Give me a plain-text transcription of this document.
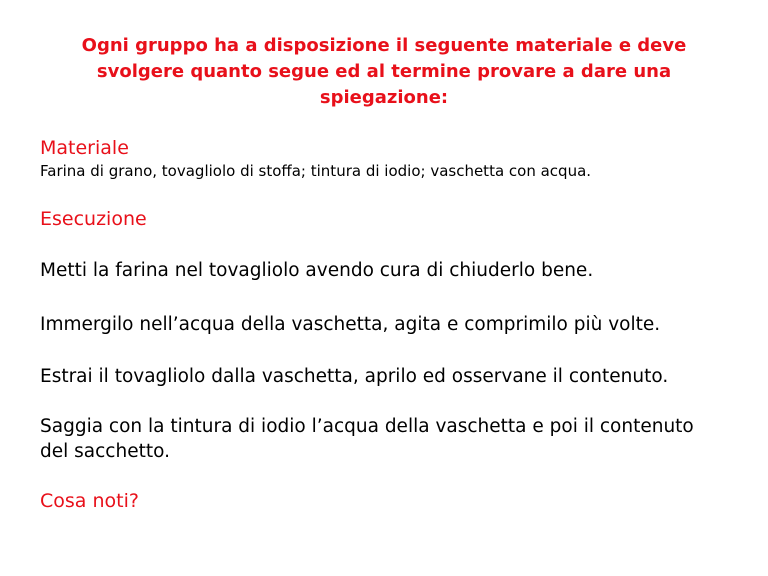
Ogni gruppo ha a disposizione il seguente materiale e deve
svolgere quanto segue ed al termine provare a dare una
spiegazione:
Materiale
Farina di grano, tovagliolo di stoffa; tintura di iodio; vaschetta con acqua.
Esecuzione
Metti la farina nel tovagliolo avendo cura di chiuderlo bene.
Immergilo nell’acqua della vaschetta, agita e comprimilo più volte.
Estrai il tovagliolo dalla vaschetta, aprilo ed osservane il contenuto.
Saggia con la tintura di iodio l’acqua della vaschetta e poi il contenuto
del sacchetto.
Cosa noti?
